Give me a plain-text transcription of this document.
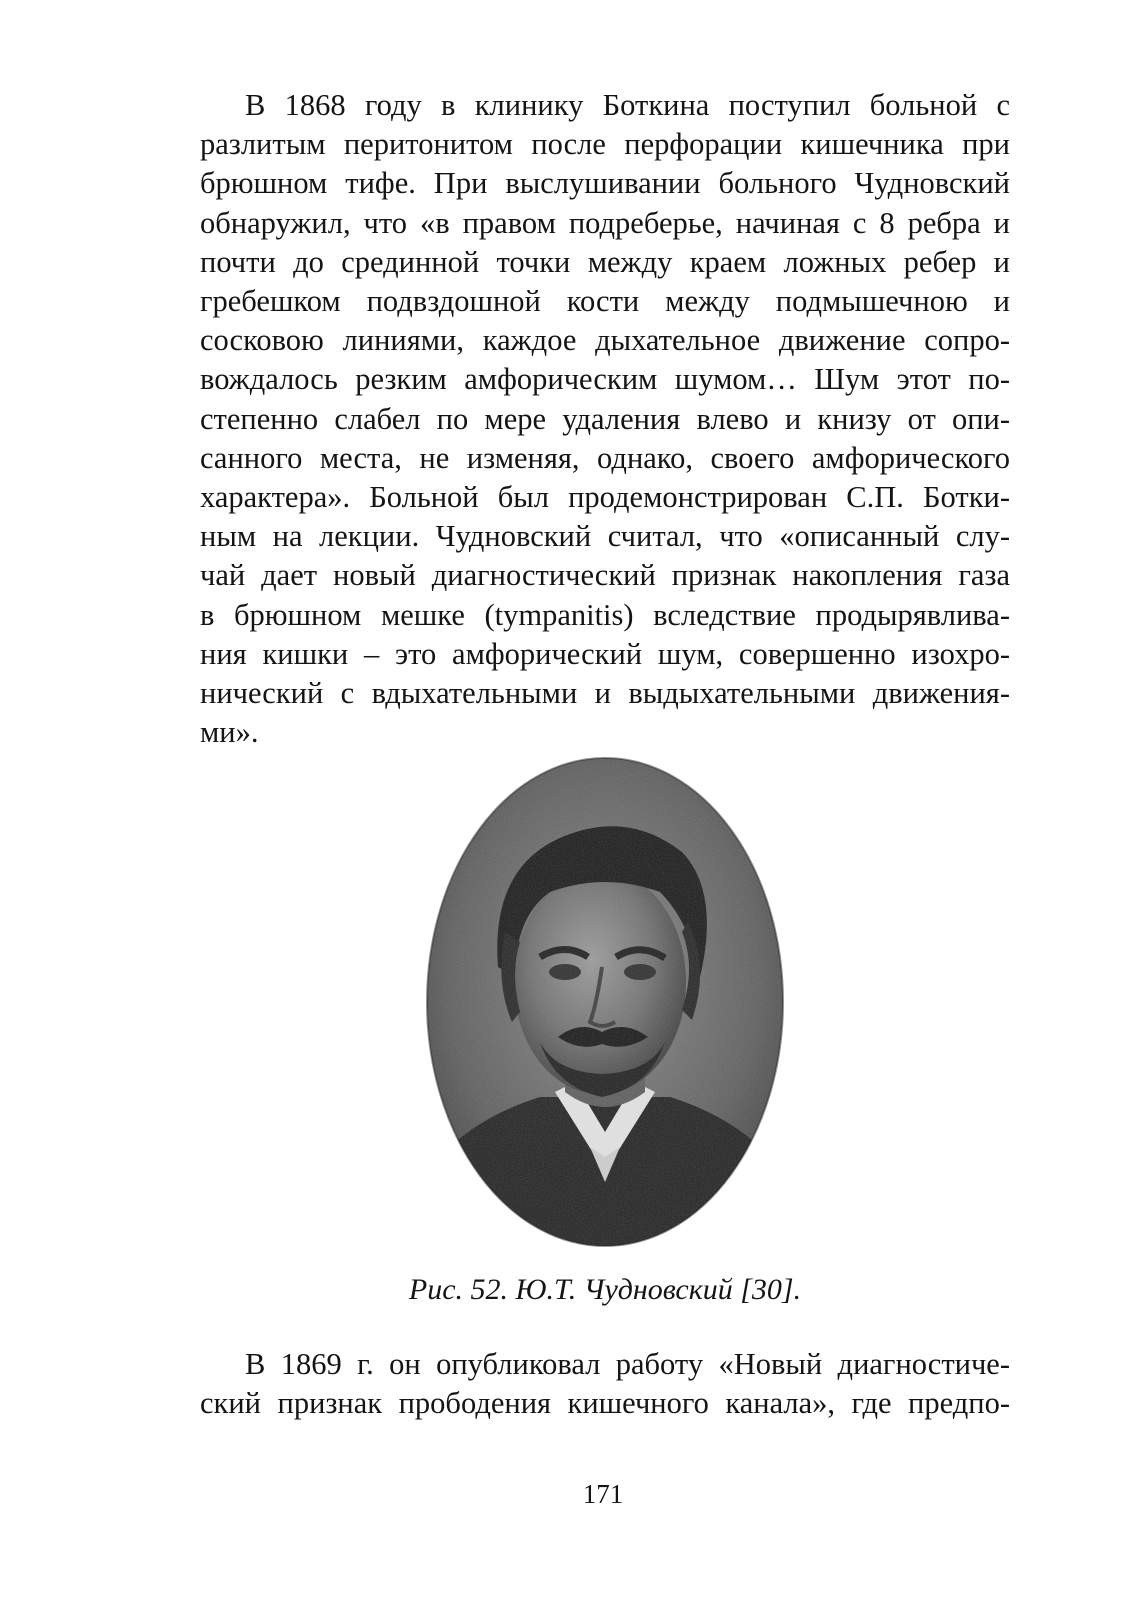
В 1868 году в клинику Боткина поступил больной с
разлитым перитонитом после перфорации кишечника при
брюшном тифе. При выслушивании больного Чудновский
обнаружил, что «в правом подреберье, начиная с 8 ребра и
почти до срединной точки между краем ложных ребер и
гребешком подвздошной кости между подмышечною и
сосковою линиями, каждое дыхательное движение сопро-
вождалось резким амфорическим шумом… Шум этот по-
степенно слабел по мере удаления влево и книзу от опи-
санного места, не изменяя, однако, своего амфорического
характера». Больной был продемонстрирован С.П. Ботки-
ным на лекции. Чудновский считал, что «описанный слу-
чай дает новый диагностический признак накопления газа
в брюшном мешке (tympanitis) вследствие продырявлива-
ния кишки – это амфорический шум, совершенно изохро-
нический с вдыхательными и выдыхательными движения-
ми».

Рис. 52. Ю.Т. Чудновский [30].

В 1869 г. он опубликовал работу «Новый диагностиче-
ский признак прободения кишечного канала», где предпо-

171
